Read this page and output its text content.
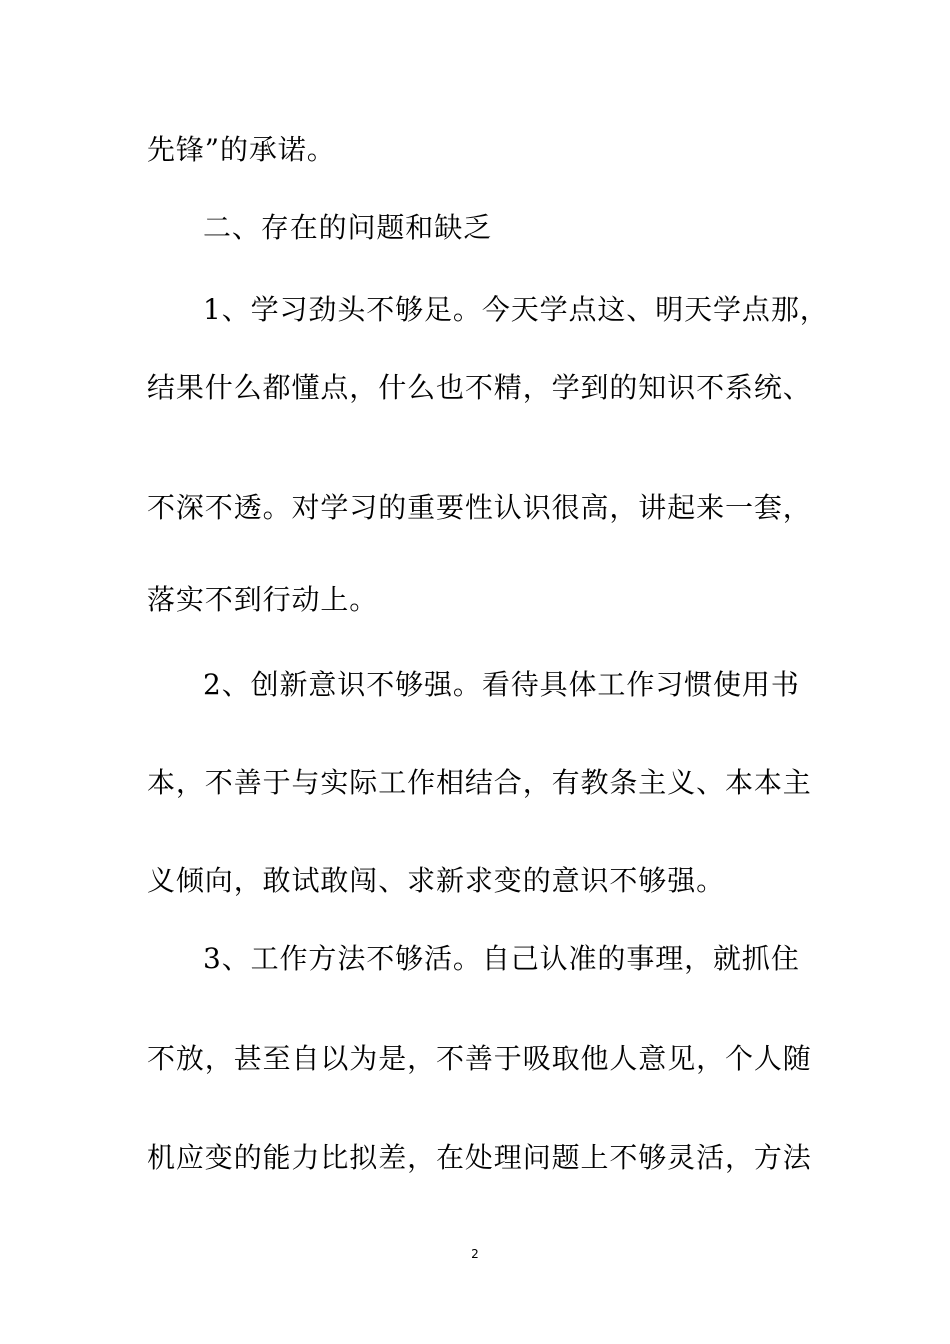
先锋”的承诺。
二、存在的问题和缺乏
1、学习劲头不够足。今天学点这、明天学点那，
结果什么都懂点，什么也不精，学到的知识不系统、
不深不透。对学习的重要性认识很高，讲起来一套，
落实不到行动上。
2、创新意识不够强。看待具体工作习惯使用书
本，不善于与实际工作相结合，有教条主义、本本主
义倾向，敢试敢闯、求新求变的意识不够强。
3、工作方法不够活。自己认准的事理，就抓住
不放，甚至自以为是，不善于吸取他人意见，个人随
机应变的能力比拟差，在处理问题上不够灵活，方法
2
